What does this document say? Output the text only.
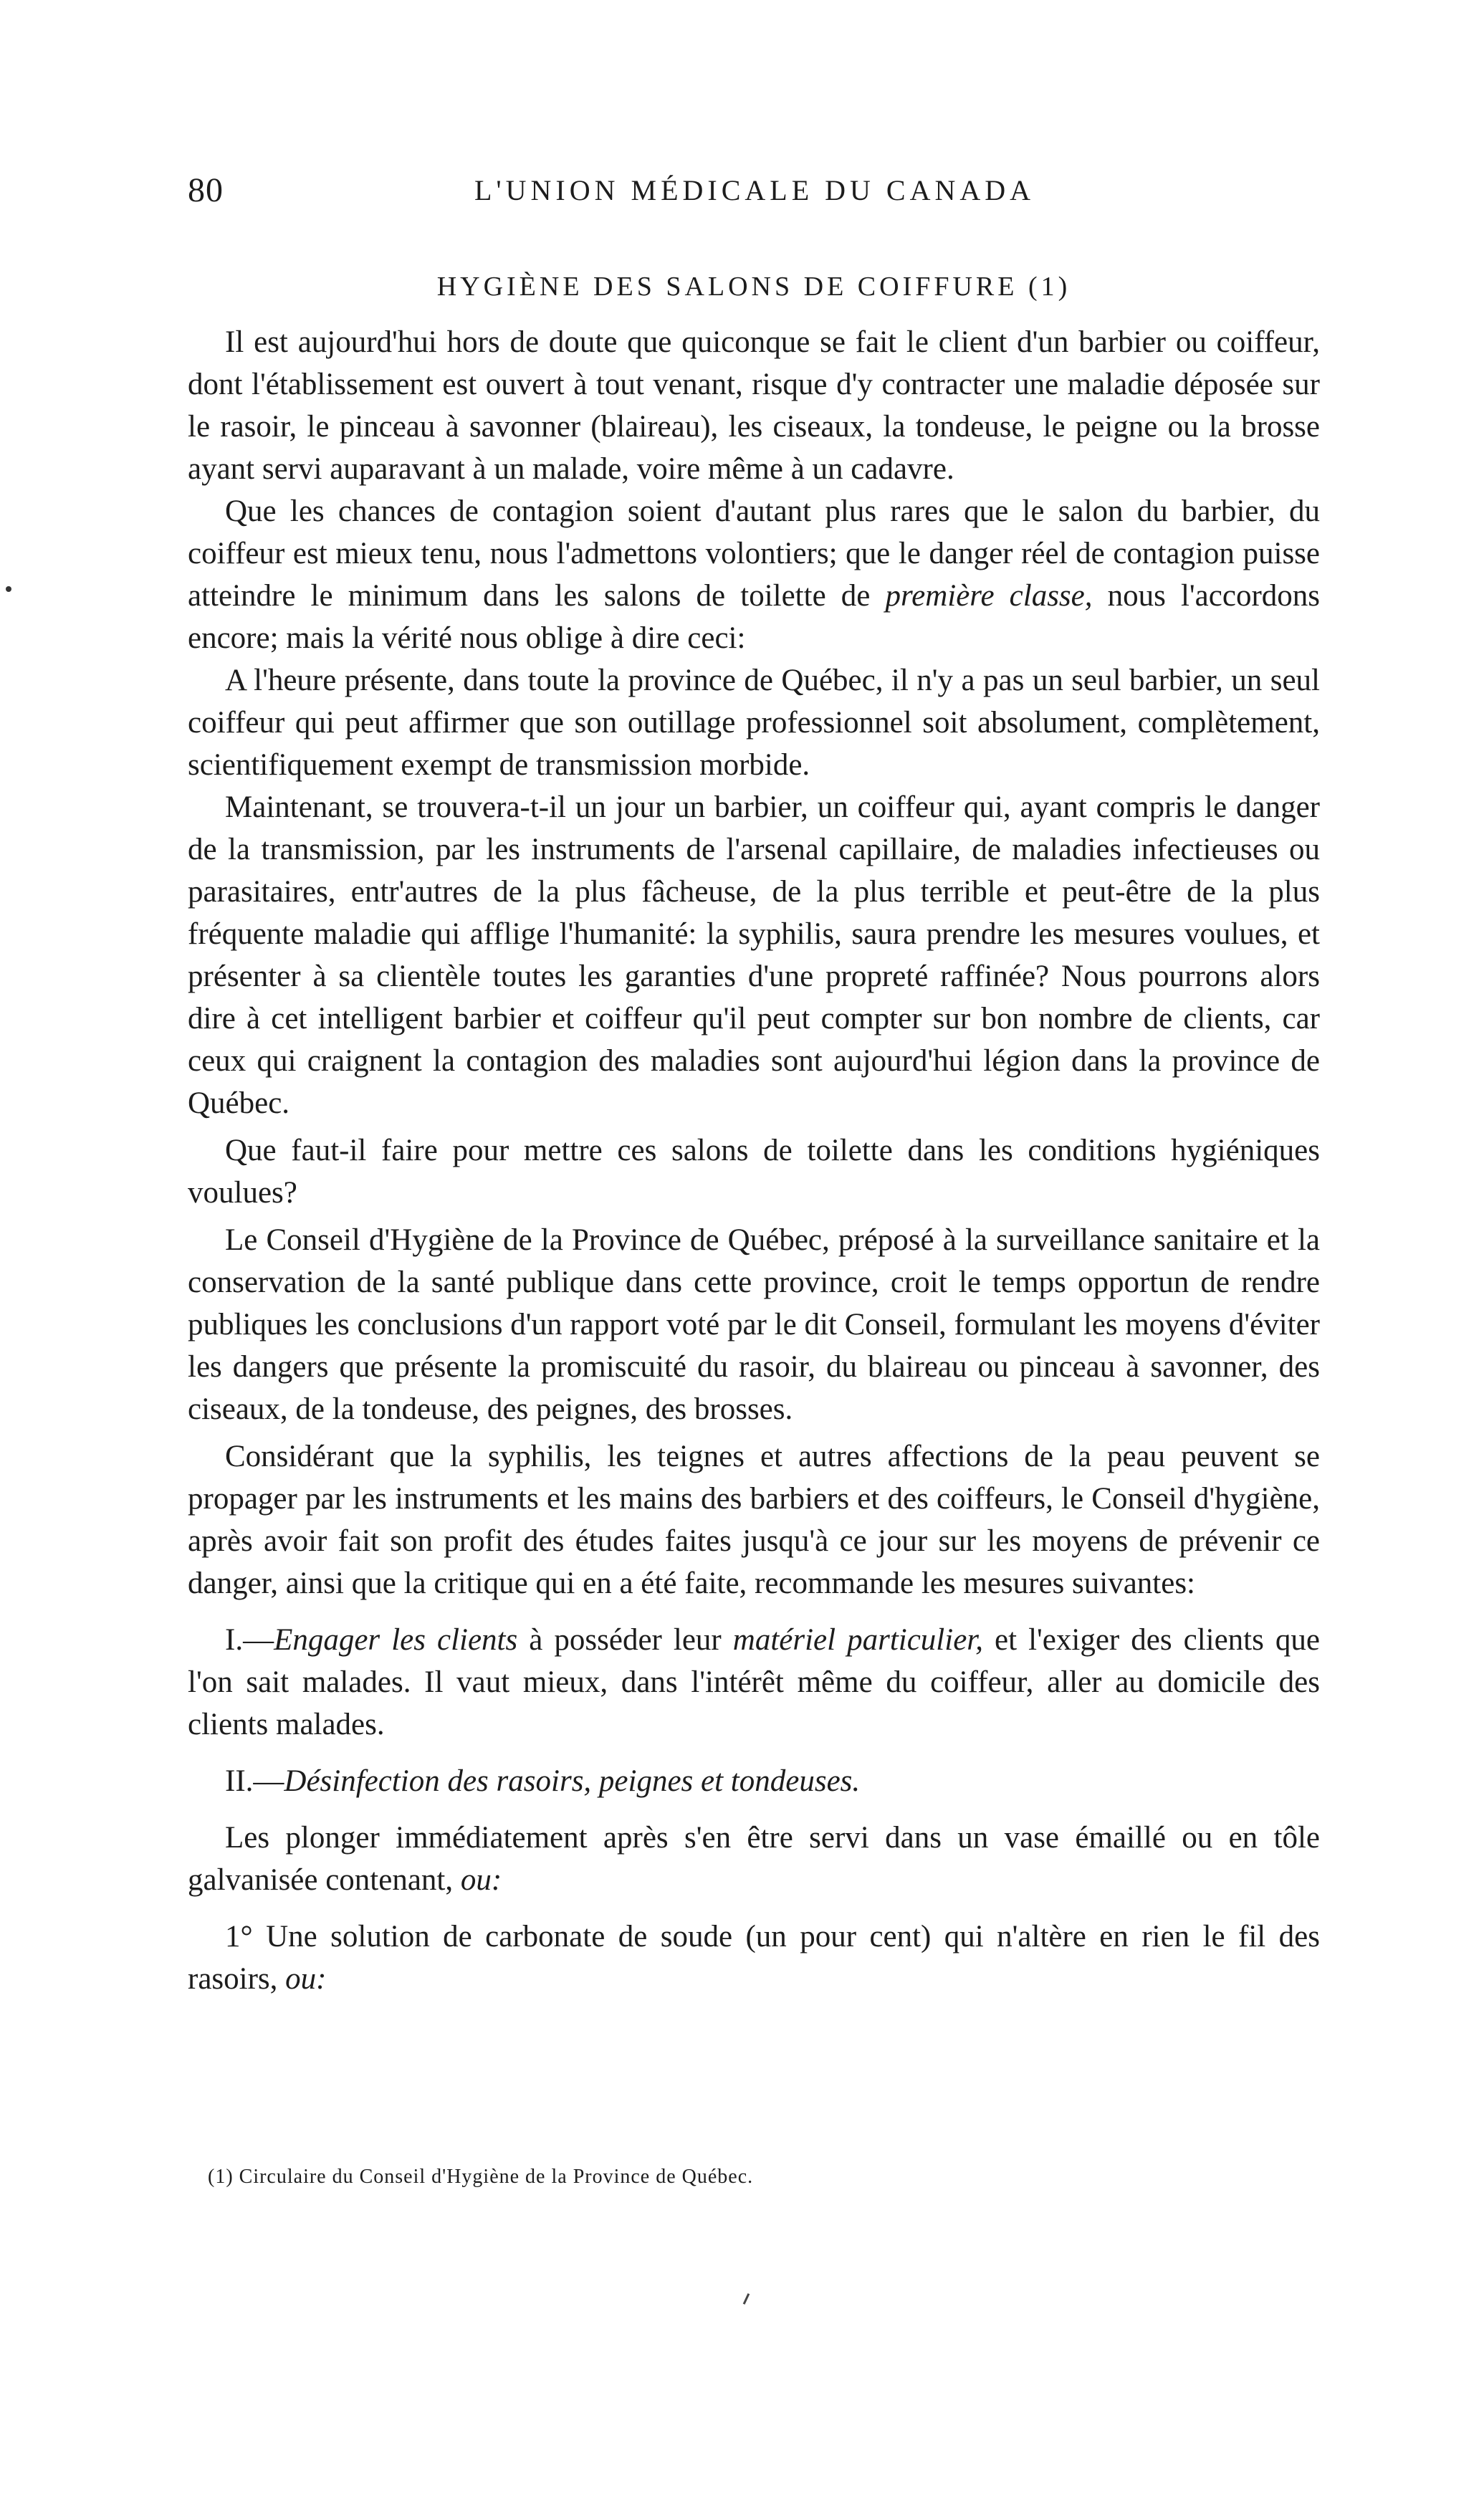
80	L'UNION MÉDICALE DU CANADA
HYGIÈNE DES SALONS DE COIFFURE (1)

Il est aujourd'hui hors de doute que quiconque se fait le client d'un barbier ou coiffeur, dont l'établissement est ouvert à tout venant, risque d'y contracter une maladie déposée sur le rasoir, le pinceau à savonner (blaireau), les ciseaux, la tondeuse, le peigne ou la brosse ayant servi auparavant à un malade, voire même à un cadavre.

Que les chances de contagion soient d'autant plus rares que le salon du barbier, du coiffeur est mieux tenu, nous l'admettons volontiers; que le danger réel de contagion puisse atteindre le minimum dans les salons de toilette de première classe, nous l'accordons encore; mais la vérité nous oblige à dire ceci:

A l'heure présente, dans toute la province de Québec, il n'y a pas un seul barbier, un seul coiffeur qui peut affirmer que son outillage professionnel soit absolument, complètement, scientifiquement exempt de transmission morbide.

Maintenant, se trouvera-t-il un jour un barbier, un coiffeur qui, ayant compris le danger de la transmission, par les instruments de l'arsenal capillaire, de maladies infectieuses ou parasitaires, entr'autres de la plus fâcheuse, de la plus terrible et peut-être de la plus fréquente maladie qui afflige l'humanité: la syphilis, saura prendre les mesures voulues, et présenter à sa clientèle toutes les garanties d'une propreté raffinée? Nous pourrons alors dire à cet intelligent barbier et coiffeur qu'il peut compter sur bon nombre de clients, car ceux qui craignent la contagion des maladies sont aujourd'hui légion dans la province de Québec.

Que faut-il faire pour mettre ces salons de toilette dans les conditions hygiéniques voulues?

Le Conseil d'Hygiène de la Province de Québec, préposé à la surveillance sanitaire et la conservation de la santé publique dans cette province, croit le temps opportun de rendre publiques les conclusions d'un rapport voté par le dit Conseil, formulant les moyens d'éviter les dangers que présente la promiscuité du rasoir, du blaireau ou pinceau à savonner, des ciseaux, de la tondeuse, des peignes, des brosses.

Considérant que la syphilis, les teignes et autres affections de la peau peuvent se propager par les instruments et les mains des barbiers et des coiffeurs, le Conseil d'hygiène, après avoir fait son profit des études faites jusqu'à ce jour sur les moyens de prévenir ce danger, ainsi que la critique qui en a été faite, recommande les mesures suivantes:

I.—Engager les clients à posséder leur matériel particulier, et l'exiger des clients que l'on sait malades. Il vaut mieux, dans l'intérêt même du coiffeur, aller au domicile des clients malades.

II.—Désinfection des rasoirs, peignes et tondeuses.

Les plonger immédiatement après s'en être servi dans un vase émaillé ou en tôle galvanisée contenant, ou:

1° Une solution de carbonate de soude (un pour cent) qui n'altère en rien le fil des rasoirs, ou:

(1) Circulaire du Conseil d'Hygiène de la Province de Québec.
